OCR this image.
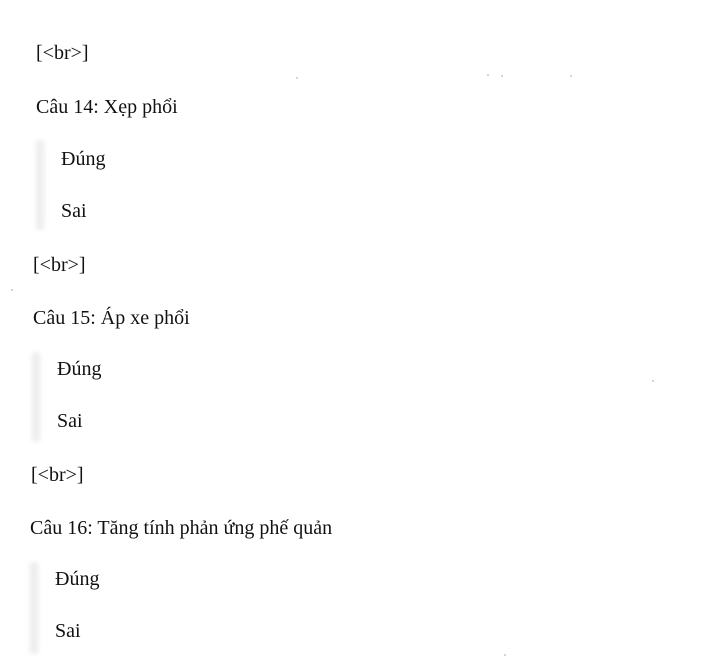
[<br>]
Câu 14: Xẹp phổi
Đúng
Sai
[<br>]
Câu 15: Áp xe phổi
Đúng
Sai
[<br>]
Câu 16: Tăng tính phản ứng phế quản
Đúng
Sai
